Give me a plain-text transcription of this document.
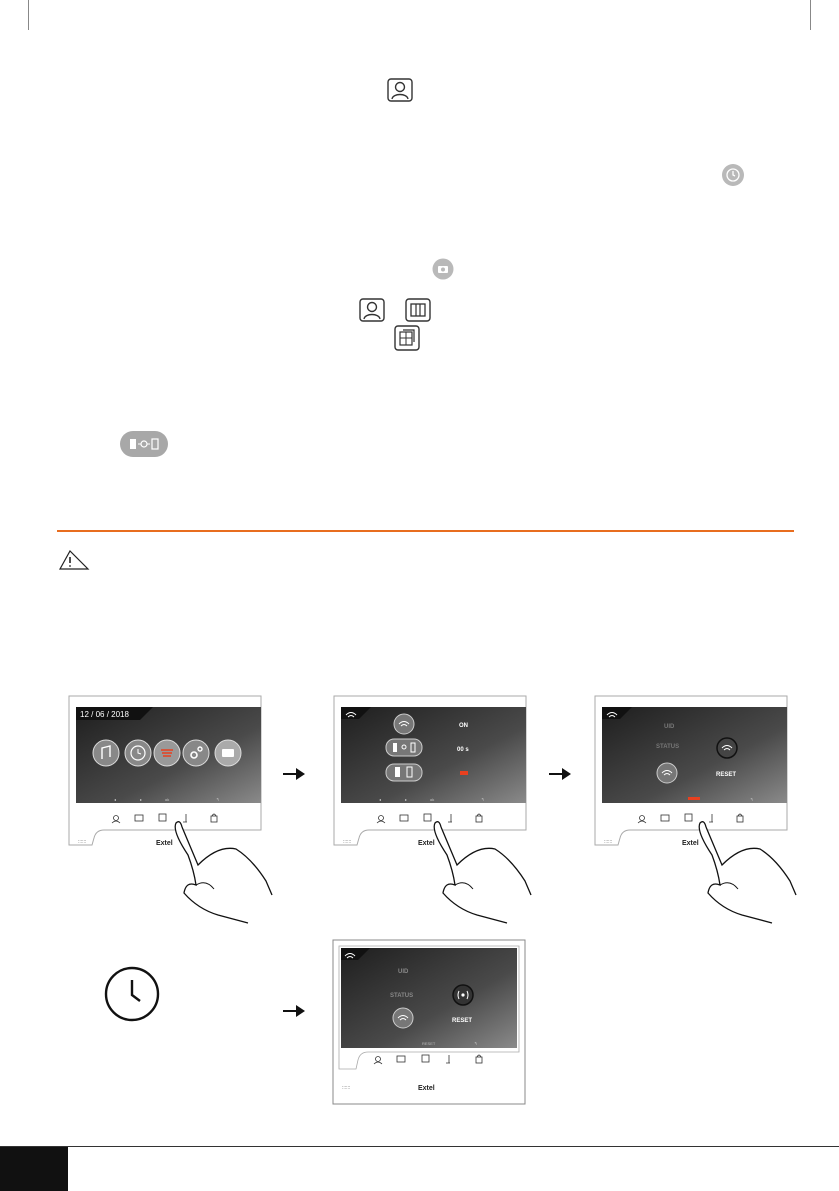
12 / 06 / 2018
◂	▸	ok	↰
::::::	Extel
ON
00 s
◂	▸	ok	↰
::::::	Extel
UID
STATUS
RESET
↰
::::::	Extel
UID
STATUS
RESET
RESET	↰
::::::	Extel
